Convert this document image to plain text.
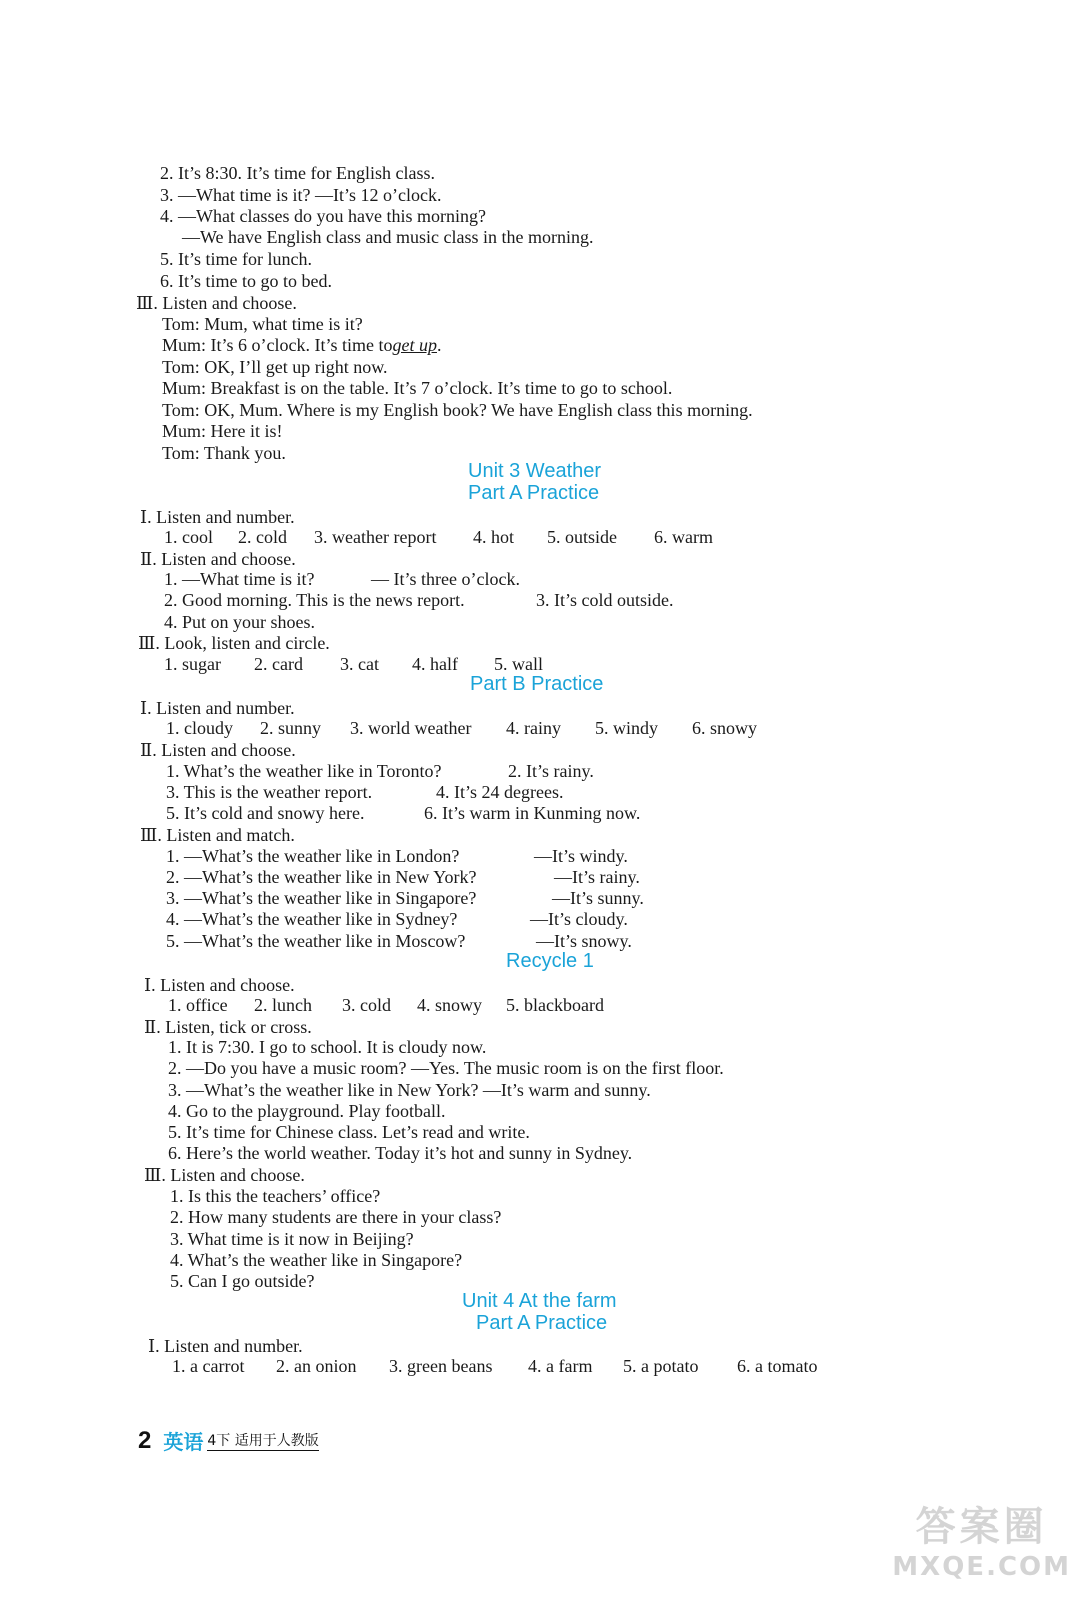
2. It’s 8:30. It’s time for English class.
3. —What time is it? —It’s 12 o’clock.
4. —What classes do you have this morning?
—We have English class and music class in the morning.
5. It’s time for lunch.
6. It’s time to go to bed.
Ⅲ. Listen and choose.
Tom: Mum, what time is it?
Mum: It’s 6 o’clock. It’s time toget up.
Tom: OK, I’ll get up right now.
Mum: Breakfast is on the table. It’s 7 o’clock. It’s time to go to school.
Tom: OK, Mum. Where is my English book? We have English class this morning.
Mum: Here it is!
Tom: Thank you.
Unit 3 Weather
Part A Practice
Ⅰ. Listen and number.
1. cool 2. cold 3. weather report 4. hot 5. outside 6. warm
Ⅱ. Listen and choose.
1. —What time is it?	— It’s three o’clock.
2. Good morning. This is the news report.	3. It’s cold outside.
4. Put on your shoes.
Ⅲ. Look, listen and circle.
1. sugar 2. card 3. cat 4. half 5. wall
Part B Practice
Ⅰ. Listen and number.
1. cloudy 2. sunny 3. world weather 4. rainy 5. windy 6. snowy
Ⅱ. Listen and choose.
1. What’s the weather like in Toronto?	2. It’s rainy.
3. This is the weather report.	4. It’s 24 degrees.
5. It’s cold and snowy here.	6. It’s warm in Kunming now.
Ⅲ. Listen and match.
1. —What’s the weather like in London?	—It’s windy.
2. —What’s the weather like in New York?	—It’s rainy.
3. —What’s the weather like in Singapore?	—It’s sunny.
4. —What’s the weather like in Sydney?	—It’s cloudy.
5. —What’s the weather like in Moscow?	—It’s snowy.
Recycle 1
Ⅰ. Listen and choose.
1. office 2. lunch 3. cold 4. snowy 5. blackboard
Ⅱ. Listen, tick or cross.
1. It is 7:30. I go to school. It is cloudy now.
2. —Do you have a music room? —Yes. The music room is on the first floor.
3. —What’s the weather like in New York? —It’s warm and sunny.
4. Go to the playground. Play football.
5. It’s time for Chinese class. Let’s read and write.
6. Here’s the world weather. Today it’s hot and sunny in Sydney.
Ⅲ. Listen and choose.
1. Is this the teachers’ office?
2. How many students are there in your class?
3. What time is it now in Beijing?
4. What’s the weather like in Singapore?
5. Can I go outside?
Unit 4 At the farm
Part A Practice
Ⅰ. Listen and number.
1. a carrot 2. an onion 3. green beans 4. a farm 5. a potato 6. a tomato
2 英语 4下 适用于人教版
答案圈
MXQE.COM
